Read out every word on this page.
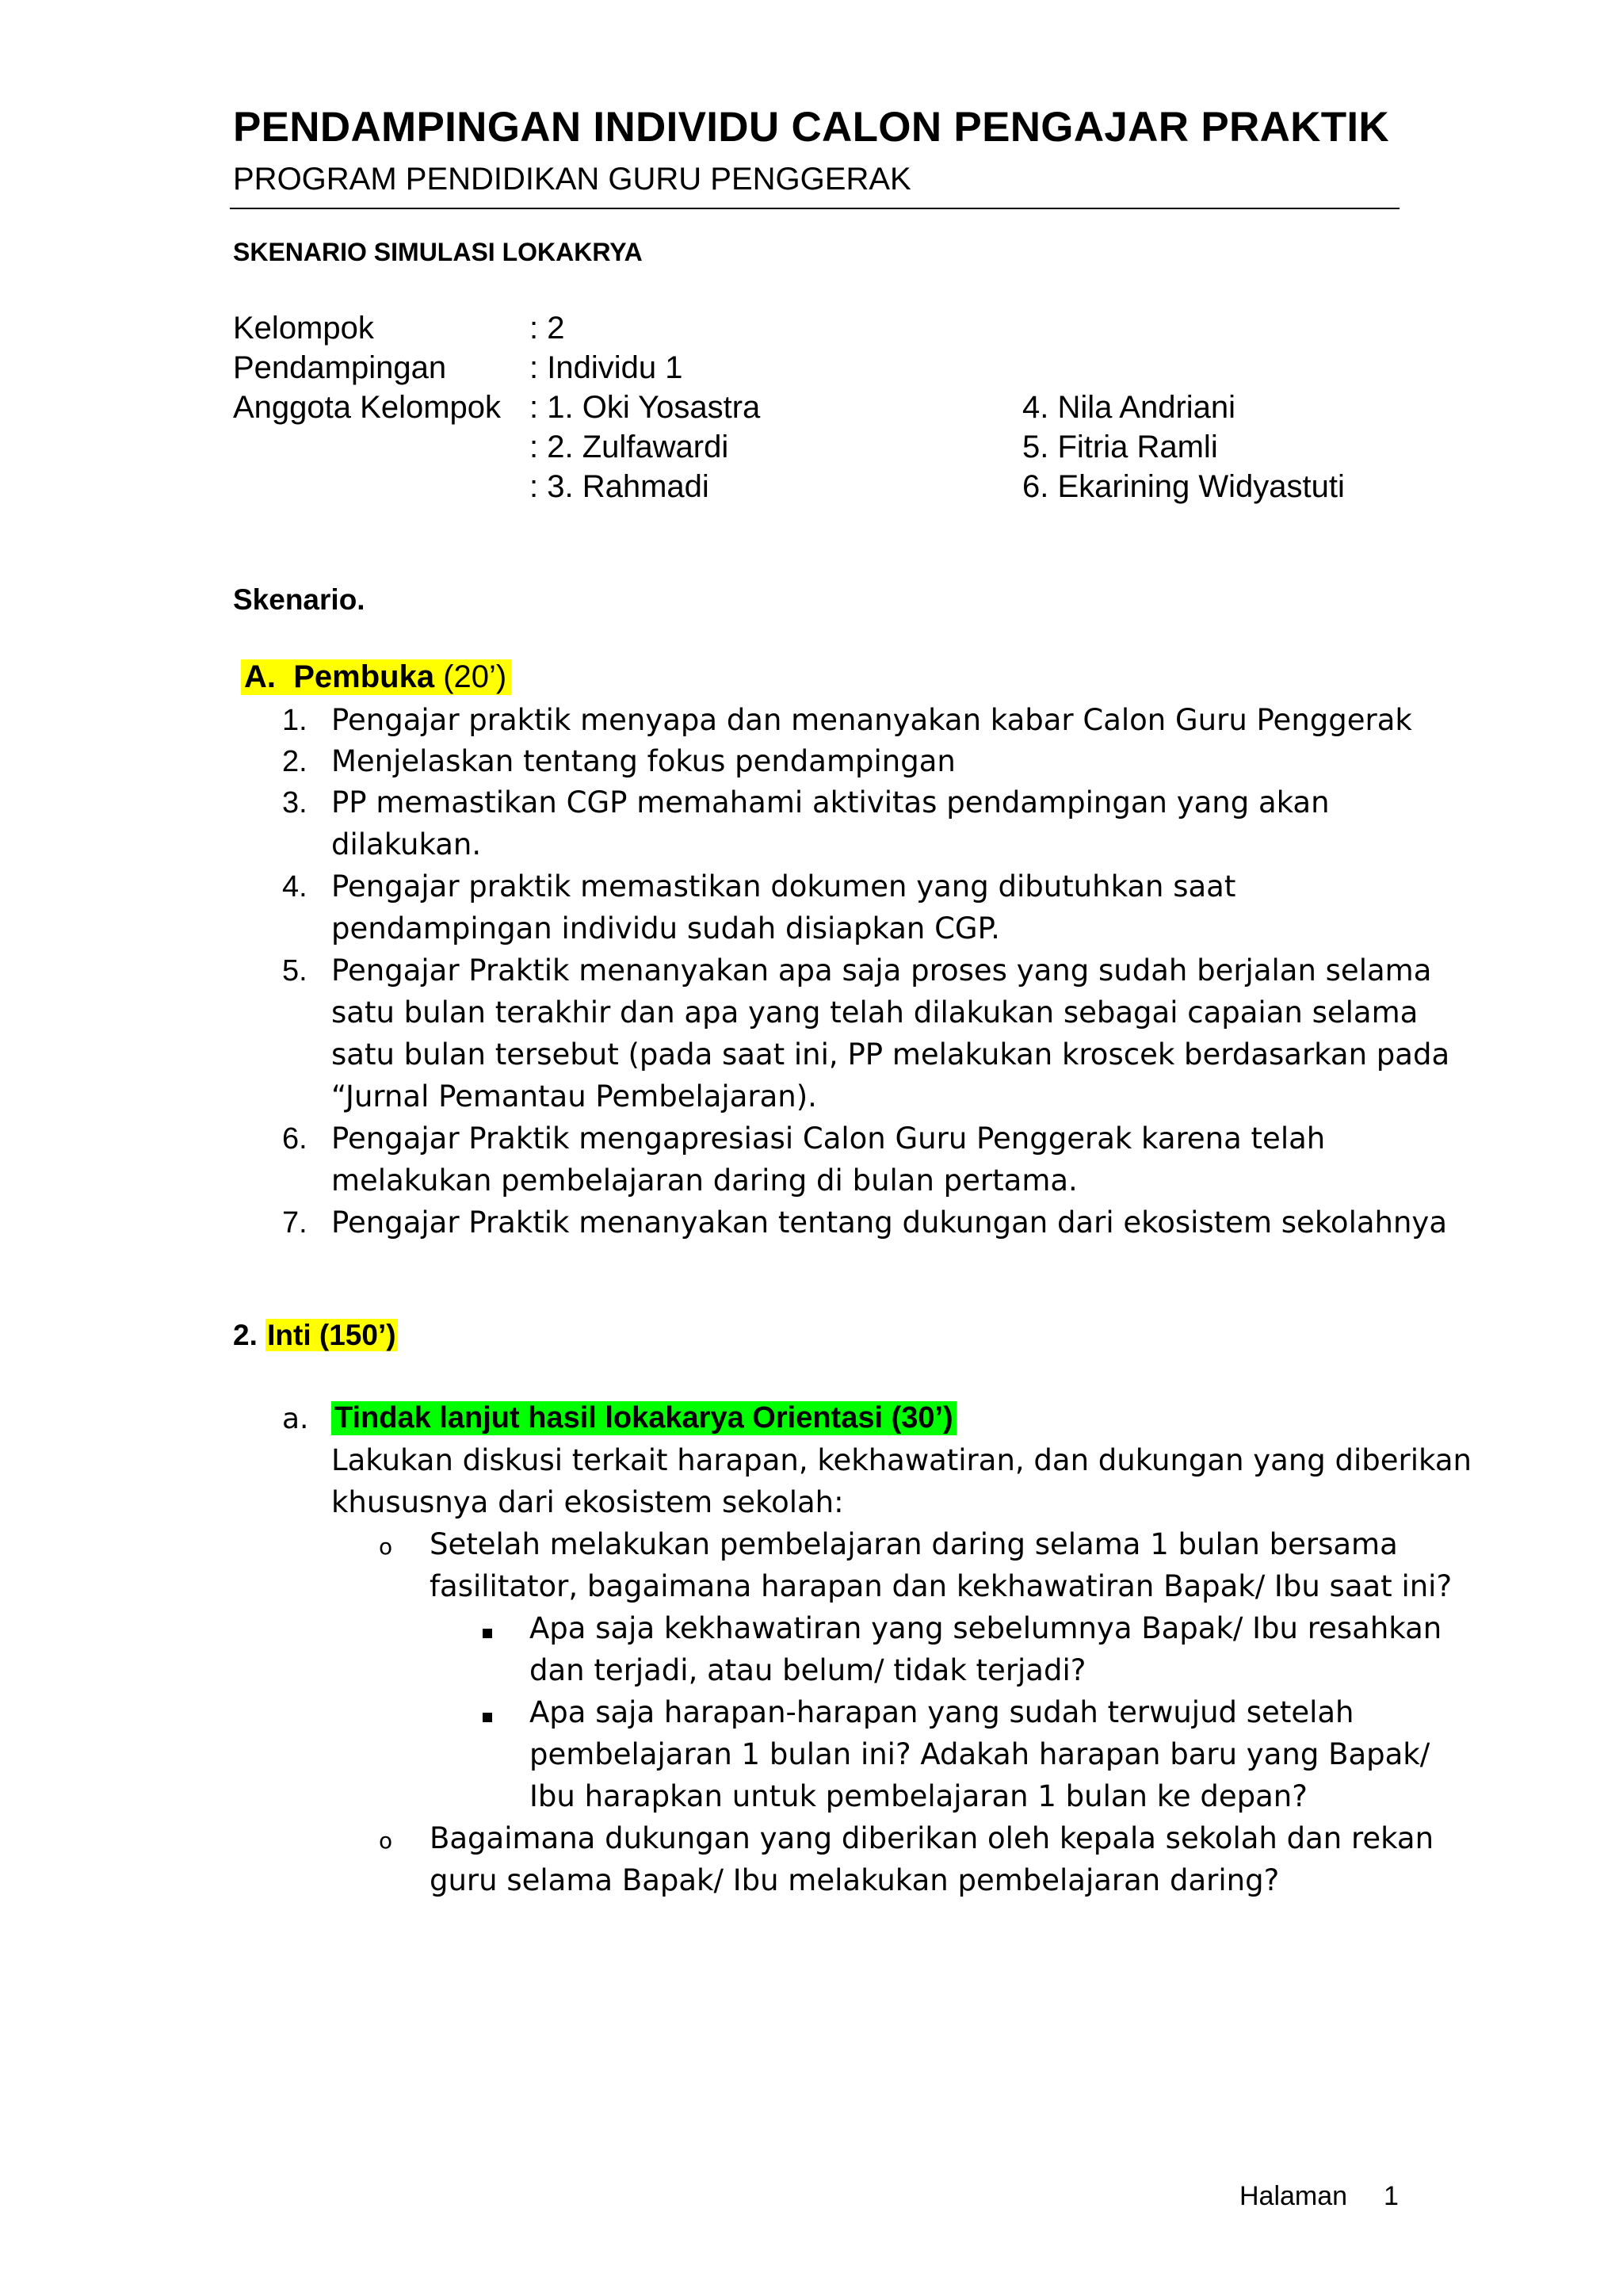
PENDAMPINGAN INDIVIDU CALON PENGAJAR PRAKTIK
PROGRAM PENDIDIKAN GURU PENGGERAK
SKENARIO SIMULASI LOKAKRYA
Kelompok	: 2
Pendampingan	: Individu 1
Anggota Kelompok : 1. Oki Yosastra
: 2. Zulfawardi
: 3. Rahmadi
4. Nila Andriani
5. Fitria Ramli
6. Ekarining Widyastuti
Skenario.
A. Pembuka (20’)
1. Pengajar praktik menyapa dan menanyakan kabar Calon Guru Penggerak
2. Menjelaskan tentang fokus pendampingan
3. PP memastikan CGP memahami aktivitas pendampingan yang akan
dilakukan.
4. Pengajar praktik memastikan dokumen yang dibutuhkan saat
pendampingan individu sudah disiapkan CGP.
5. Pengajar Praktik menanyakan apa saja proses yang sudah berjalan selama
satu bulan terakhir dan apa yang telah dilakukan sebagai capaian selama
satu bulan tersebut (pada saat ini, PP melakukan kroscek berdasarkan pada
“Jurnal Pemantau Pembelajaran).
6. Pengajar Praktik mengapresiasi Calon Guru Penggerak karena telah
melakukan pembelajaran daring di bulan pertama.
7. Pengajar Praktik menanyakan tentang dukungan dari ekosistem sekolahnya
2. Inti (150’)
a. Tindak lanjut hasil lokakarya Orientasi (30’)
Lakukan diskusi terkait harapan, kekhawatiran, dan dukungan yang diberikan
khususnya dari ekosistem sekolah:
o Setelah melakukan pembelajaran daring selama 1 bulan bersama
fasilitator, bagaimana harapan dan kekhawatiran Bapak/ Ibu saat ini?
Apa saja kekhawatiran yang sebelumnya Bapak/ Ibu resahkan
dan terjadi, atau belum/ tidak terjadi?
Apa saja harapan-harapan yang sudah terwujud setelah
pembelajaran 1 bulan ini? Adakah harapan baru yang Bapak/
Ibu harapkan untuk pembelajaran 1 bulan ke depan?
o Bagaimana dukungan yang diberikan oleh kepala sekolah dan rekan
guru selama Bapak/ Ibu melakukan pembelajaran daring?
Halaman 1
